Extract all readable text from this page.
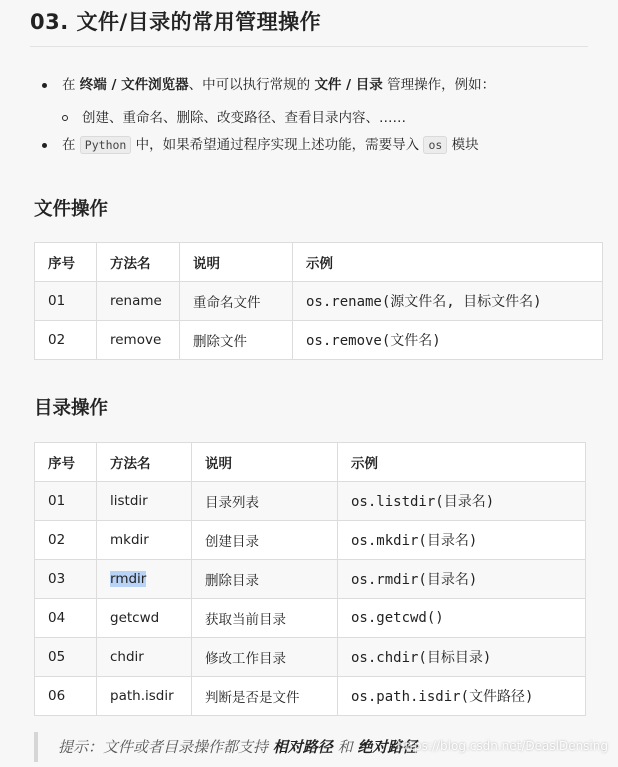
03. 文件/目录的常用管理操作
在 终端 / 文件浏览器、中可以执行常规的 文件 / 目录 管理操作，例如：
创建、重命名、删除、改变路径、查看目录内容、……
在 Python 中，如果希望通过程序实现上述功能，需要导入 os 模块
文件操作
序号	方法名	说明	示例
01	rename	重命名文件	os.rename(源文件名, 目标文件名)
02	remove	删除文件	os.remove(文件名)
目录操作
序号	方法名	说明	示例
01	listdir	目录列表	os.listdir(目录名)
02	mkdir	创建目录	os.mkdir(目录名)
03	rmdir	删除目录	os.rmdir(目录名)
04	getcwd	获取当前目录	os.getcwd()
05	chdir	修改工作目录	os.chdir(目标目录)
06	path.isdir	判断是否是文件	os.path.isdir(文件路径)
提示：文件或者目录操作都支持 相对路径 和 绝对路径
https://blog.csdn.net/DeaslDensing
